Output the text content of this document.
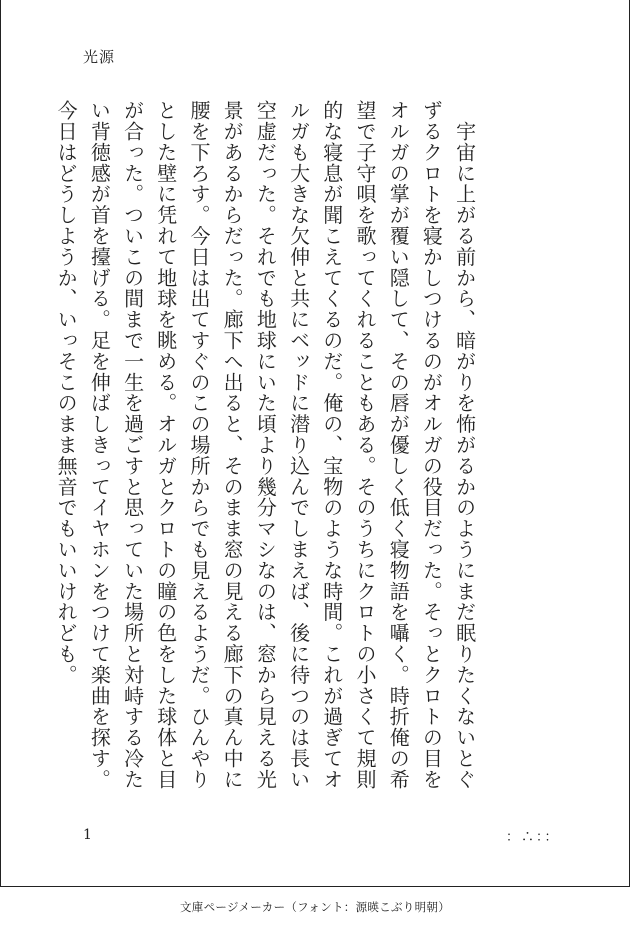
光源

　宇宙に上がる前から、暗がりを怖がるかのようにまだ眠りたくないとぐずるクロトを寝かしつけるのがオルガの役目だった。そっとクロトの目をオルガの掌が覆い隠して、その唇が優しく低く寝物語を囁く。時折俺の希望で子守唄を歌ってくれることもある。そのうちにクロトの小さくて規則的な寝息が聞こえてくるのだ。俺の、宝物のような時間。これが過ぎてオルガも大きな欠伸と共にベッドに潜り込んでしまえば、後に待つのは長い空虚だった。それでも地球にいた頃より幾分マシなのは、窓から見える光景があるからだった。廊下へ出ると、そのまま窓の見える廊下の真ん中に腰を下ろす。今日は出てすぐのこの場所からでも見えるようだ。ひんやりとした壁に凭れて地球を眺める。オルガとクロトの瞳の色をした球体と目が合った。ついこの間まで一生を過ごすと思っていた場所と対峙する冷たい背徳感が首を擡げる。足を伸ばしきってイヤホンをつけて楽曲を探す。今日はどうしようか、いっそこのまま無音でもいいけれども。

1	：∴：：
文庫ページメーカー（フォント：源暎こぶり明朝）
